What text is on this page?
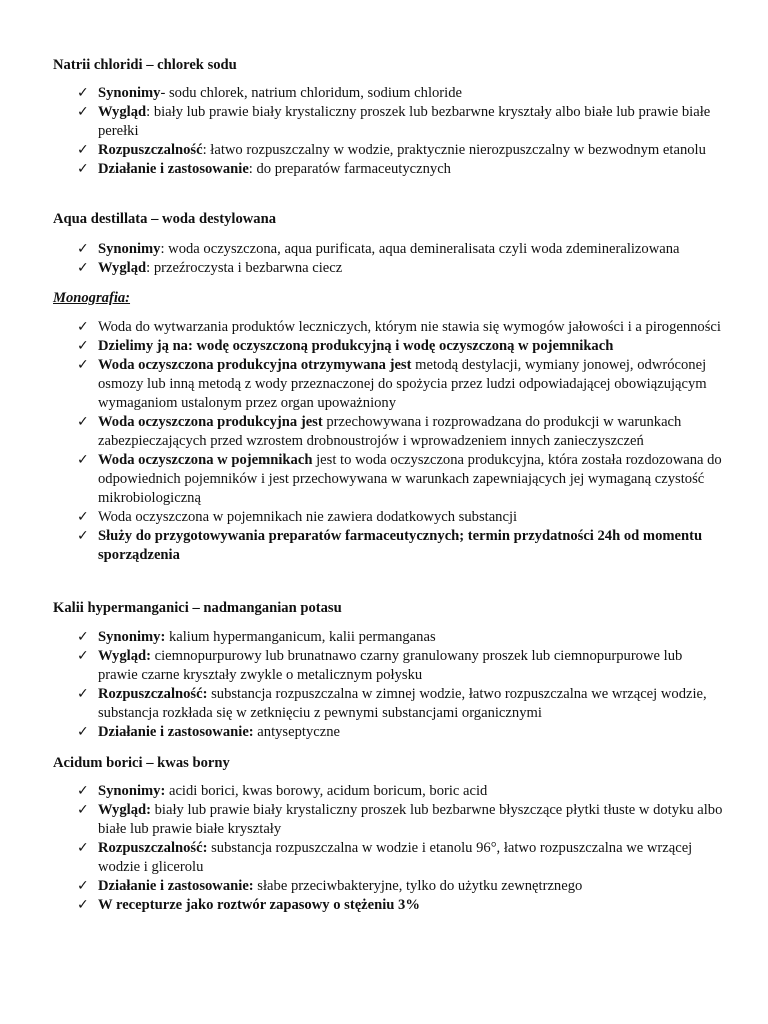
Natrii chloridi – chlorek sodu
✓ Synonimy- sodu chlorek, natrium chloridum, sodium chloride
✓ Wygląd: biały lub prawie biały krystaliczny proszek lub bezbarwne kryształy albo białe lub prawie białe perełki
✓ Rozpuszczalność: łatwo rozpuszczalny w wodzie, praktycznie nierozpuszczalny w bezwodnym etanolu
✓ Działanie i zastosowanie: do preparatów farmaceutycznych
Aqua destillata – woda destylowana
✓ Synonimy: woda oczyszczona, aqua purificata, aqua demineralisata czyli woda zdemineralizowana
✓ Wygląd: przeźroczysta i bezbarwna ciecz
Monografia:
✓ Woda do wytwarzania produktów leczniczych, którym nie stawia się wymogów jałowości i a pirogenności
✓ Dzielimy ją na: wodę oczyszczoną produkcyjną i wodę oczyszczoną w pojemnikach
✓ Woda oczyszczona produkcyjna otrzymywana jest metodą destylacji, wymiany jonowej, odwróconej osmozy lub inną metodą z wody przeznaczonej do spożycia przez ludzi odpowiadającej obowiązującym wymaganiom ustalonym przez organ upoważniony
✓ Woda oczyszczona produkcyjna jest przechowywana i rozprowadzana do produkcji w warunkach zabezpieczających przed wzrostem drobnoustrojów i wprowadzeniem innych zanieczyszczeń
✓ Woda oczyszczona w pojemnikach jest to woda oczyszczona produkcyjna, która została rozdozowana do odpowiednich pojemników i jest przechowywana w warunkach zapewniających jej wymaganą czystość mikrobiologiczną
✓ Woda oczyszczona w pojemnikach nie zawiera dodatkowych substancji
✓ Służy do przygotowywania preparatów farmaceutycznych; termin przydatności 24h od momentu sporządzenia
Kalii hypermanganici – nadmanganian potasu
✓ Synonimy: kalium hypermanganicum, kalii permanganas
✓ Wygląd: ciemnopurpurowy lub brunatnawo czarny granulowany proszek lub ciemnopurpurowe lub prawie czarne kryształy zwykle o metalicznym połysku
✓ Rozpuszczalność: substancja rozpuszczalna w zimnej wodzie, łatwo rozpuszczalna we wrzącej wodzie, substancja rozkłada się w zetknięciu z pewnymi substancjami organicznymi
✓ Działanie i zastosowanie: antyseptyczne
Acidum borici – kwas borny
✓ Synonimy: acidi borici, kwas borowy, acidum boricum, boric acid
✓ Wygląd: biały lub prawie biały krystaliczny proszek lub bezbarwne błyszczące płytki tłuste w dotyku albo białe lub prawie białe kryształy
✓ Rozpuszczalność: substancja rozpuszczalna w wodzie i etanolu 96°, łatwo rozpuszczalna we wrzącej wodzie i glicerolu
✓ Działanie i zastosowanie: słabe przeciwbakteryjne, tylko do użytku zewnętrznego
✓ W recepturze jako roztwór zapasowy o stężeniu 3%
